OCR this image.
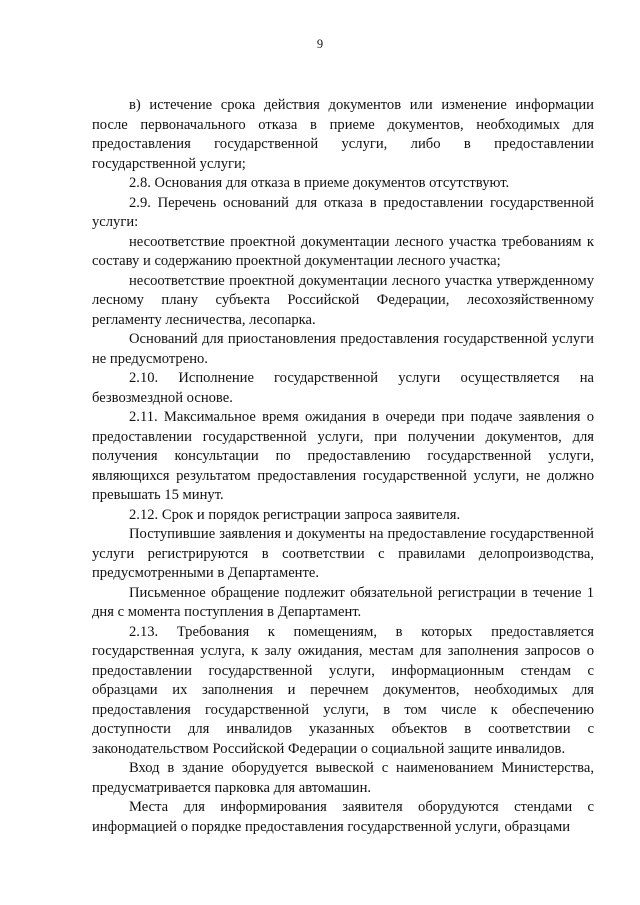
9

в) истечение срока действия документов или изменение информации после первоначального отказа в приеме документов, необходимых для предоставления государственной услуги, либо в предоставлении государственной услуги;

2.8. Основания для отказа в приеме документов отсутствуют.

2.9. Перечень оснований для отказа в предоставлении государственной услуги:

несоответствие проектной документации лесного участка требованиям к составу и содержанию проектной документации лесного участка;

несоответствие проектной документации лесного участка утвержденному лесному плану субъекта Российской Федерации, лесохозяйственному регламенту лесничества, лесопарка.

Оснований для приостановления предоставления государственной услуги не предусмотрено.

2.10. Исполнение государственной услуги осуществляется на безвозмездной основе.

2.11. Максимальное время ожидания в очереди при подаче заявления о предоставлении государственной услуги, при получении документов, для получения консультации по предоставлению государственной услуги, являющихся результатом предоставления государственной услуги, не должно превышать 15 минут.

2.12. Срок и порядок регистрации запроса заявителя.

Поступившие заявления и документы на предоставление государственной услуги регистрируются в соответствии с правилами делопроизводства, предусмотренными в Департаменте.

Письменное обращение подлежит обязательной регистрации в течение 1 дня с момента поступления в Департамент.

2.13. Требования к помещениям, в которых предоставляется государственная услуга, к залу ожидания, местам для заполнения запросов о предоставлении государственной услуги, информационным стендам с образцами их заполнения и перечнем документов, необходимых для предоставления государственной услуги, в том числе к обеспечению доступности для инвалидов указанных объектов в соответствии с законодательством Российской Федерации о социальной защите инвалидов.

Вход в здание оборудуется вывеской с наименованием Министерства, предусматривается парковка для автомашин.

Места для информирования заявителя оборудуются стендами с информацией о порядке предоставления государственной услуги, образцами
